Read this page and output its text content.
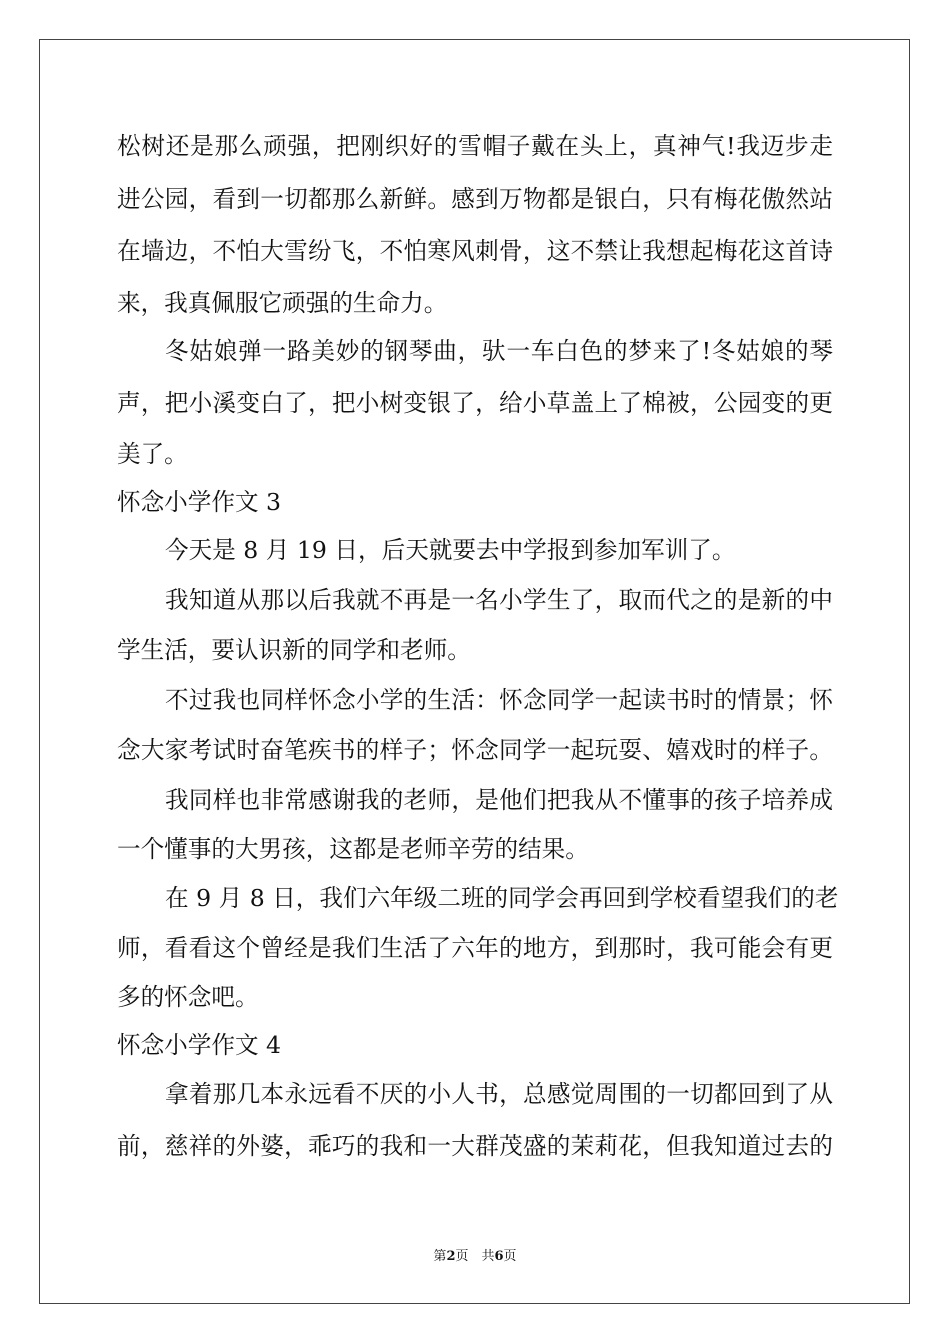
松树还是那么顽强，把刚织好的雪帽子戴在头上，真神气!我迈步走
进公园，看到一切都那么新鲜。感到万物都是银白，只有梅花傲然站
在墙边，不怕大雪纷飞，不怕寒风刺骨，这不禁让我想起梅花这首诗
来，我真佩服它顽强的生命力。
冬姑娘弹一路美妙的钢琴曲，驮一车白色的梦来了!冬姑娘的琴
声，把小溪变白了，把小树变银了，给小草盖上了棉被，公园变的更
美了。
怀念小学作文 3
今天是 8 月 19 日，后天就要去中学报到参加军训了。
我知道从那以后我就不再是一名小学生了，取而代之的是新的中
学生活，要认识新的同学和老师。
不过我也同样怀念小学的生活：怀念同学一起读书时的情景；怀
念大家考试时奋笔疾书的样子；怀念同学一起玩耍、嬉戏时的样子。
我同样也非常感谢我的老师，是他们把我从不懂事的孩子培养成
一个懂事的大男孩，这都是老师辛劳的结果。
在 9 月 8 日，我们六年级二班的同学会再回到学校看望我们的老
师，看看这个曾经是我们生活了六年的地方，到那时，我可能会有更
多的怀念吧。
怀念小学作文 4
拿着那几本永远看不厌的小人书，总感觉周围的一切都回到了从
前，慈祥的外婆，乖巧的我和一大群茂盛的茉莉花，但我知道过去的
第2页　共6页
